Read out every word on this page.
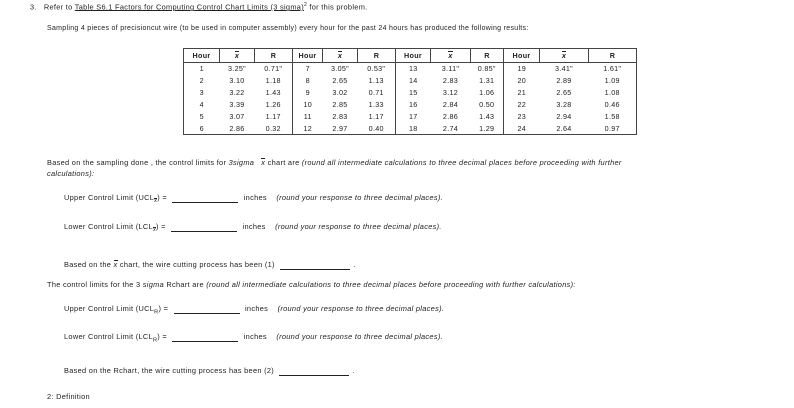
3. Refer to Table S6.1 Factors for Computing Control Chart Limits (3 sigma)$^2$ for this problem.
Sampling 4 pieces of precisioncut wire (to be used in computer assembly) every hour for the past 24 hours has produced the following results:
Hour	x	R	Hour	x	R	Hour	x	R	Hour	x	R
1	3.25"	0.71"	7	3.05"	0.53"	13	3.11"	0.85"	19	3.41"	1.61"
2	3.10	1.18	8	2.65	1.13	14	2.83	1.31	20	2.89	1.09
3	3.22	1.43	9	3.02	0.71	15	3.12	1.06	21	2.65	1.08
4	3.39	1.26	10	2.85	1.33	16	2.84	0.50	22	3.28	0.46
5	3.07	1.17	11	2.83	1.17	17	2.86	1.43	23	2.94	1.58
6	2.86	0.32	12	2.97	0.40	18	2.74	1.29	24	2.64	0.97
Based on the sampling done , the control limits for 3sigma x chart are (round all intermediate calculations to three decimal places before proceeding with further
calculations):
Upper Control Limit $(UCL_x)$ =	inches (round your response to three decimal places).
Lower Control Limit $(LCL_x)$ =	inches (round your response to three decimal places).
Based on the x chart, the wire cutting process has been (1)	.
The control limits for the 3 sigma Rchart are (round all intermediate calculations to three decimal places before proceeding with further calculations):
Upper Control Limit $(UCL_R)$ =	inches (round your response to three decimal places).
Lower Control Limit $(LCL_R)$ =	inches (round your response to three decimal places).
Based on the Rchart, the wire cutting process has been (2)	.
2: Definition
